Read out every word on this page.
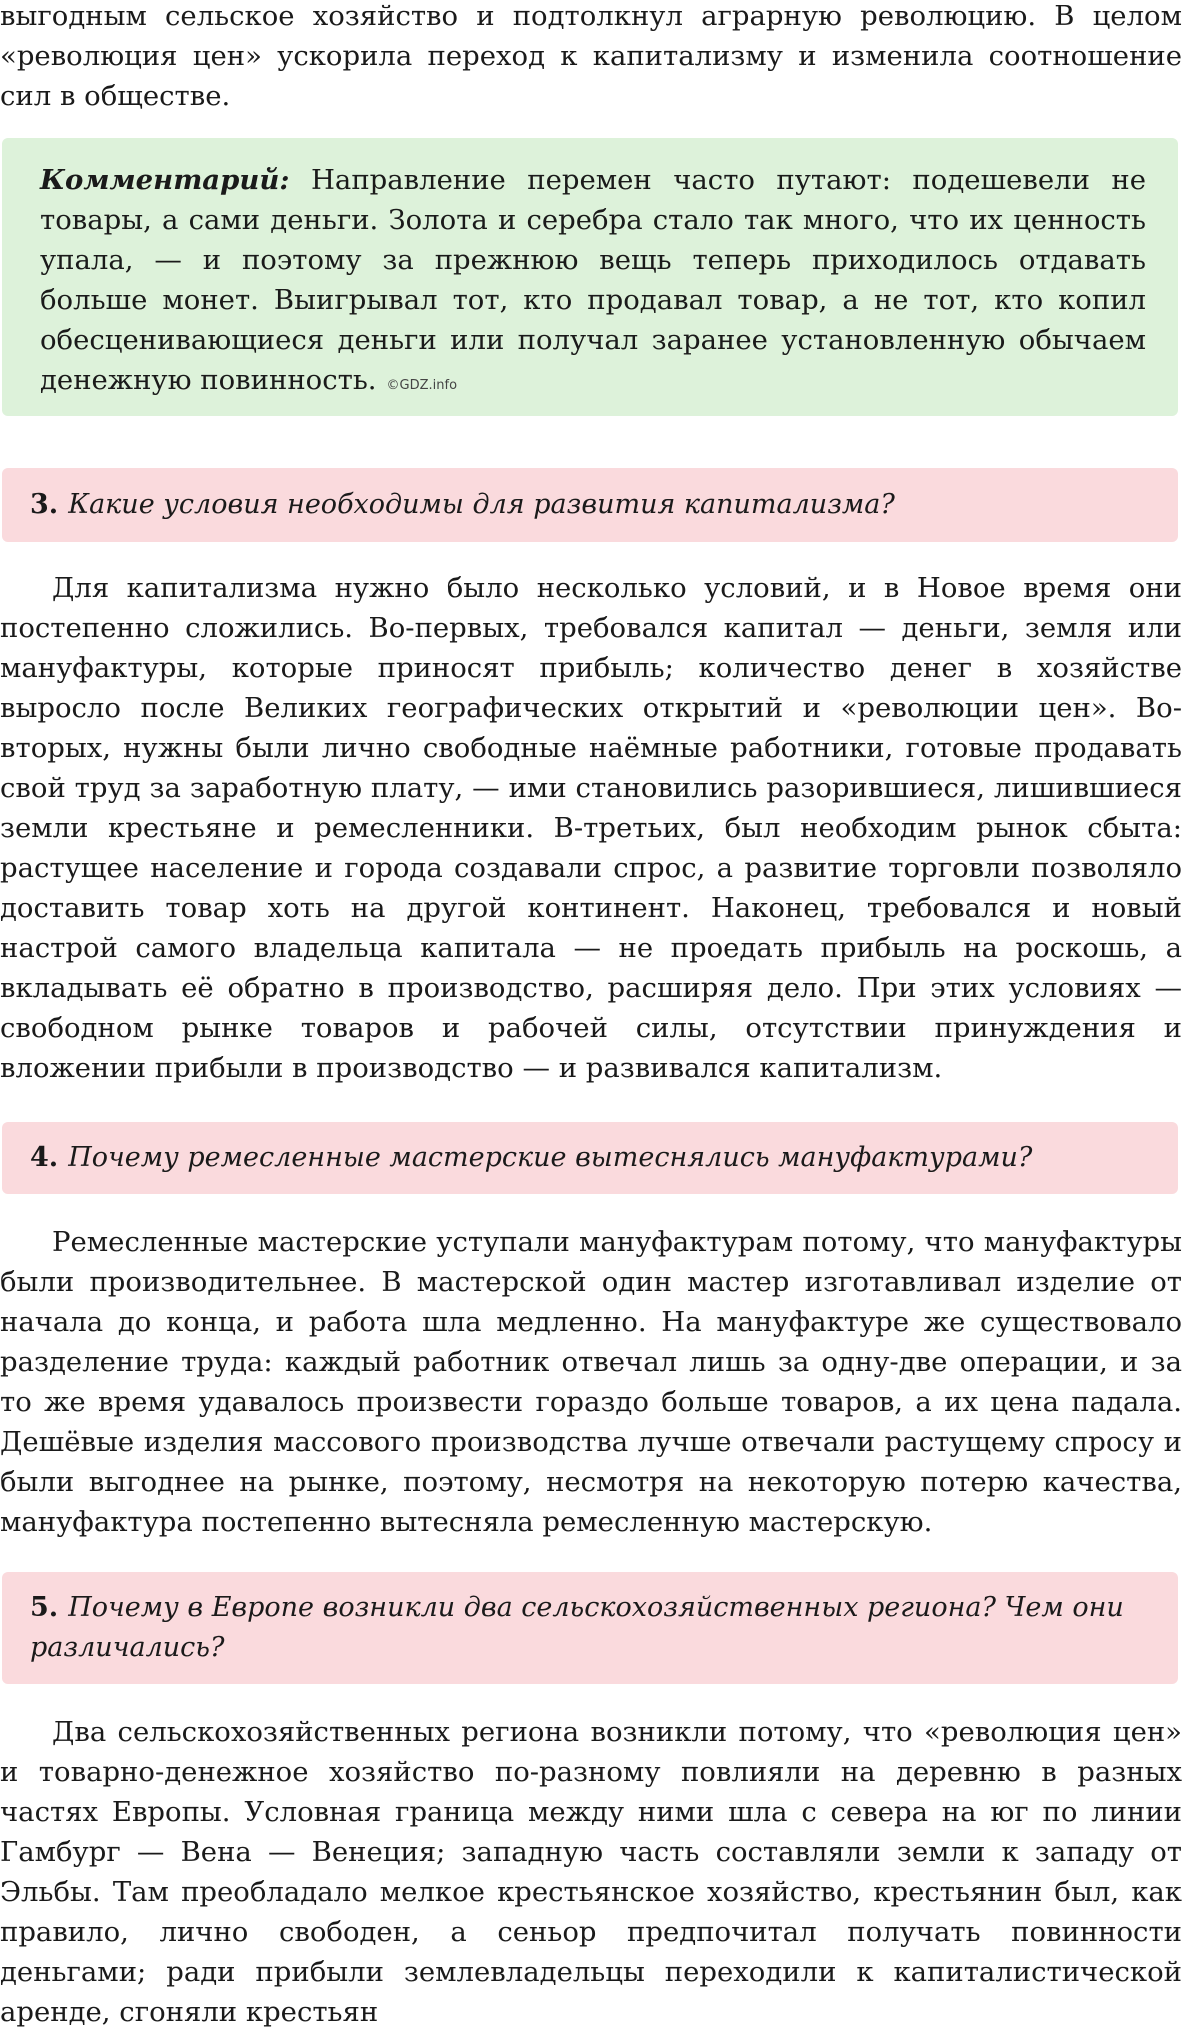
выгодным сельское хозяйство и подтолкнул аграрную революцию. В целом «революция цен» ускорила переход к капитализму и изменила соотношение сил в обществе.

Комментарий: Направление перемен часто путают: подешевели не товары, а сами деньги. Золота и серебра стало так много, что их ценность упала, — и поэтому за прежнюю вещь теперь приходилось отдавать больше монет. Выигрывал тот, кто продавал товар, а не тот, кто копил обесценивающиеся деньги или получал заранее установленную обычаем денежную повинность. ©GDZ.info
3. Какие условия необходимы для развития капитализма?

Для капитализма нужно было несколько условий, и в Новое время они постепенно сложились. Во-первых, требовался капитал — деньги, земля или мануфактуры, которые приносят прибыль; количество денег в хозяйстве выросло после Великих географических открытий и «революции цен». Во-вторых, нужны были лично свободные наёмные работники, готовые продавать свой труд за заработную плату, — ими становились разорившиеся, лишившиеся земли крестьяне и ремесленники. В-третьих, был необходим рынок сбыта: растущее население и города создавали спрос, а развитие торговли позволяло доставить товар хоть на другой континент. Наконец, требовался и новый настрой самого владельца капитала — не проедать прибыль на роскошь, а вкладывать её обратно в производство, расширяя дело. При этих условиях — свободном рынке товаров и рабочей силы, отсутствии принуждения и вложении прибыли в производство — и развивался капитализм.

4. Почему ремесленные мастерские вытеснялись мануфактурами?

Ремесленные мастерские уступали мануфактурам потому, что мануфактуры были производительнее. В мастерской один мастер изготавливал изделие от начала до конца, и работа шла медленно. На мануфактуре же существовало разделение труда: каждый работник отвечал лишь за одну-две операции, и за то же время удавалось произвести гораздо больше товаров, а их цена падала. Дешёвые изделия массового производства лучше отвечали растущему спросу и были выгоднее на рынке, поэтому, несмотря на некоторую потерю качества, мануфактура постепенно вытесняла ремесленную мастерскую.

5. Почему в Европе возникли два сельскохозяйственных региона? Чем они различались?

Два сельскохозяйственных региона возникли потому, что «революция цен» и товарно-денежное хозяйство по-разному повлияли на деревню в разных частях Европы. Условная граница между ними шла с севера на юг по линии Гамбург — Вена — Венеция; западную часть составляли земли к западу от Эльбы. Там преобладало мелкое крестьянское хозяйство, крестьянин был, как правило, лично свободен, а сеньор предпочитал получать повинности деньгами; ради прибыли землевладельцы переходили к капиталистической аренде, сгоняли крестьян
